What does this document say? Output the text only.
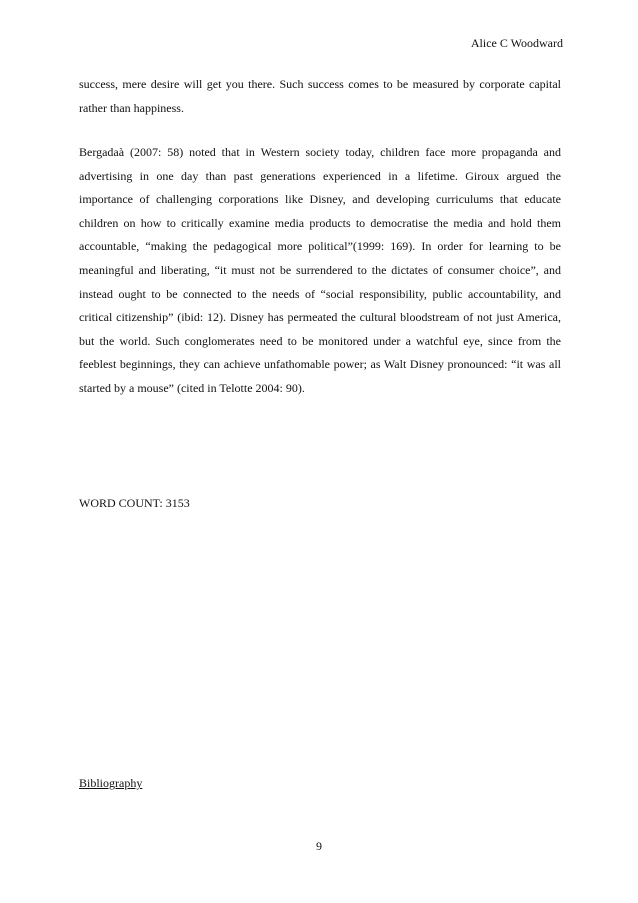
Alice C Woodward
success, mere desire will get you there. Such success comes to be measured by corporate capital rather than happiness.
Bergadaà (2007: 58) noted that in Western society today, children face more propaganda and advertising in one day than past generations experienced in a lifetime. Giroux argued the importance of challenging corporations like Disney, and developing curriculums that educate children on how to critically examine media products to democratise the media and hold them accountable, “making the pedagogical more political”(1999: 169). In order for learning to be meaningful and liberating, “it must not be surrendered to the dictates of consumer choice”, and instead ought to be connected to the needs of “social responsibility, public accountability, and critical citizenship” (ibid: 12). Disney has permeated the cultural bloodstream of not just America, but the world. Such conglomerates need to be monitored under a watchful eye, since from the feeblest beginnings, they can achieve unfathomable power; as Walt Disney pronounced: “it was all started by a mouse” (cited in Telotte 2004: 90).
WORD COUNT: 3153
Bibliography
9
